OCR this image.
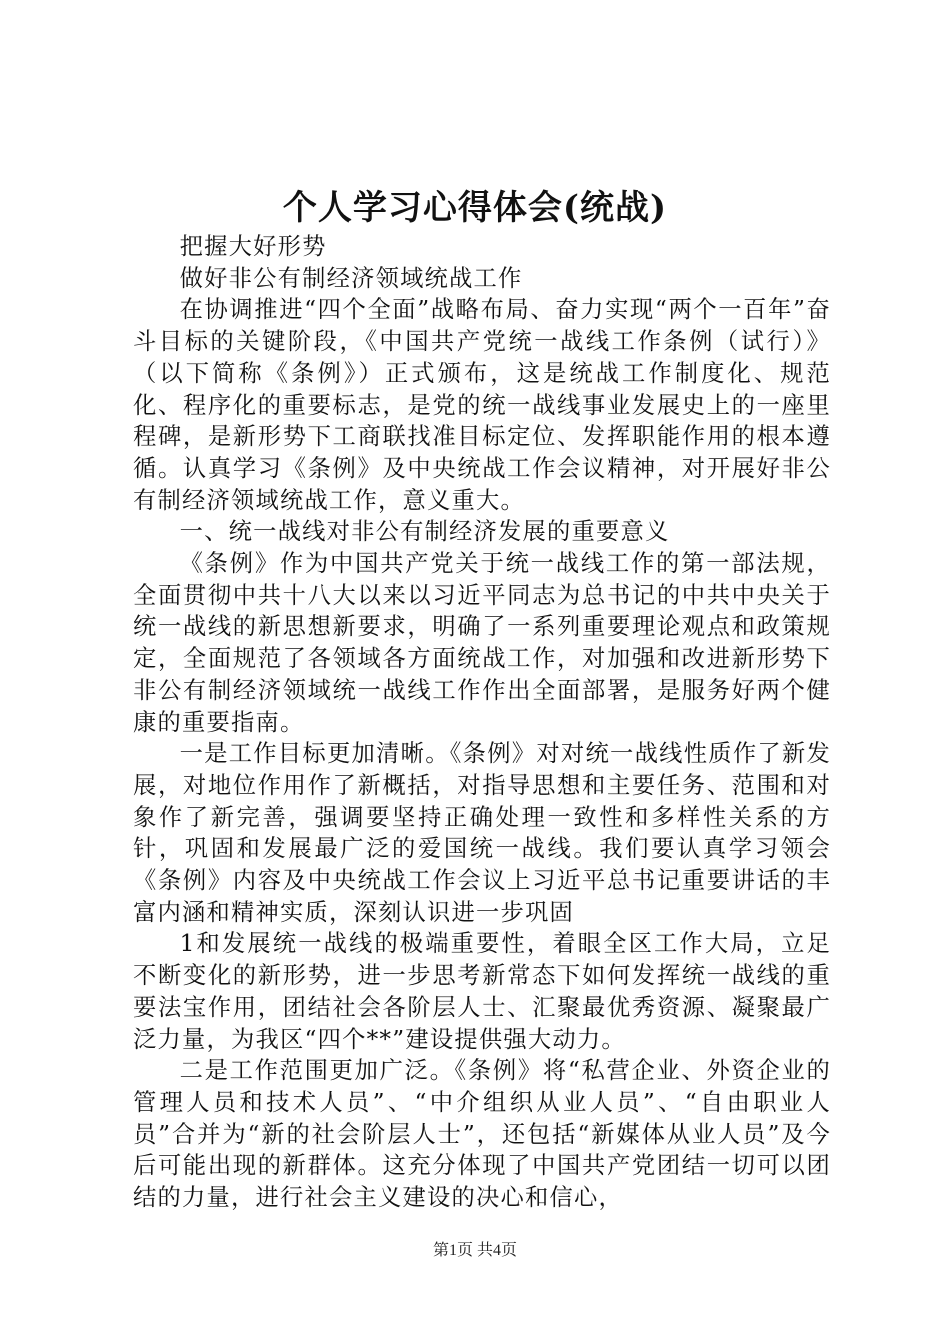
个人学习心得体会(统战)

把握大好形势

做好非公有制经济领域统战工作

在协调推进“四个全面”战略布局、奋力实现“两个一百年”奋斗目标的关键阶段，《中国共产党统一战线工作条例（试行）》（以下简称《条例》）正式颁布，这是统战工作制度化、规范化、程序化的重要标志，是党的统一战线事业发展史上的一座里程碑，是新形势下工商联找准目标定位、发挥职能作用的根本遵循。认真学习《条例》及中央统战工作会议精神，对开展好非公有制经济领域统战工作，意义重大。

一、统一战线对非公有制经济发展的重要意义

《条例》作为中国共产党关于统一战线工作的第一部法规，全面贯彻中共十八大以来以习近平同志为总书记的中共中央关于统一战线的新思想新要求，明确了一系列重要理论观点和政策规定，全面规范了各领域各方面统战工作，对加强和改进新形势下非公有制经济领域统一战线工作作出全面部署，是服务好两个健康的重要指南。

一是工作目标更加清晰。《条例》对对统一战线性质作了新发展，对地位作用作了新概括，对指导思想和主要任务、范围和对象作了新完善，强调要坚持正确处理一致性和多样性关系的方针，巩固和发展最广泛的爱国统一战线。我们要认真学习领会《条例》内容及中央统战工作会议上习近平总书记重要讲话的丰富内涵和精神实质，深刻认识进一步巩固

1和发展统一战线的极端重要性，着眼全区工作大局，立足不断变化的新形势，进一步思考新常态下如何发挥统一战线的重要法宝作用，团结社会各阶层人士、汇聚最优秀资源、凝聚最广泛力量，为我区“四个**”建设提供强大动力。

二是工作范围更加广泛。《条例》将“私营企业、外资企业的管理人员和技术人员”、“中介组织从业人员”、“自由职业人员”合并为“新的社会阶层人士”，还包括“新媒体从业人员”及今后可能出现的新群体。这充分体现了中国共产党团结一切可以团结的力量，进行社会主义建设的决心和信心，

第1页 共4页
